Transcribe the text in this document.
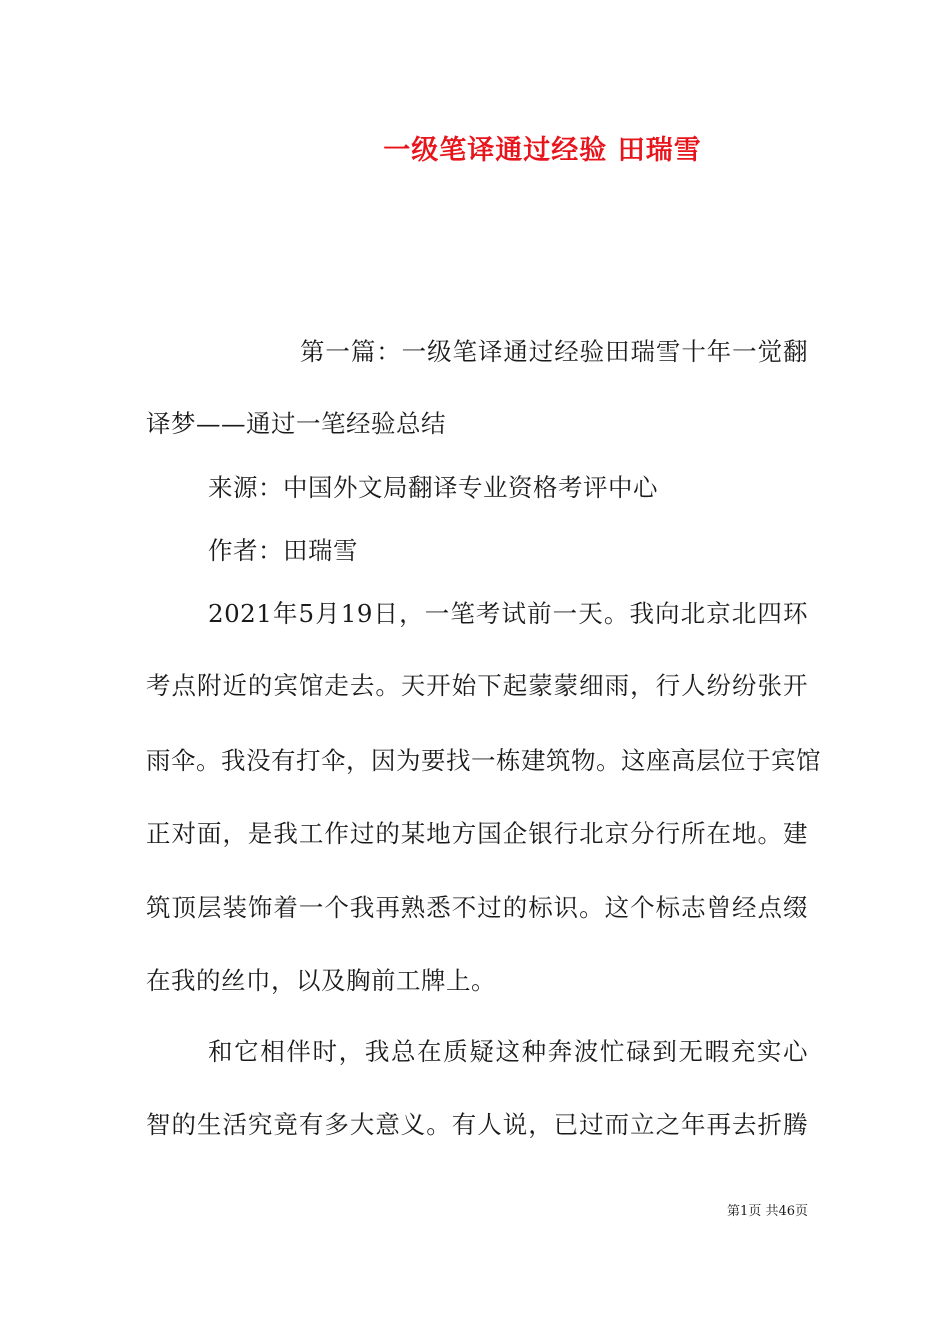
一级笔译通过经验 田瑞雪

第一篇：一级笔译通过经验田瑞雪十年一觉翻

译梦——通过一笔经验总结

来源：中国外文局翻译专业资格考评中心

作者：田瑞雪

2021年5月19日，一笔考试前一天。我向北京北四环

考点附近的宾馆走去。天开始下起蒙蒙细雨，行人纷纷张开

雨伞。我没有打伞，因为要找一栋建筑物。这座高层位于宾馆

正对面，是我工作过的某地方国企银行北京分行所在地。建

筑顶层装饰着一个我再熟悉不过的标识。这个标志曾经点缀

在我的丝巾，以及胸前工牌上。

和它相伴时，我总在质疑这种奔波忙碌到无暇充实心

智的生活究竟有多大意义。有人说，已过而立之年再去折腾

第1页 共46页
